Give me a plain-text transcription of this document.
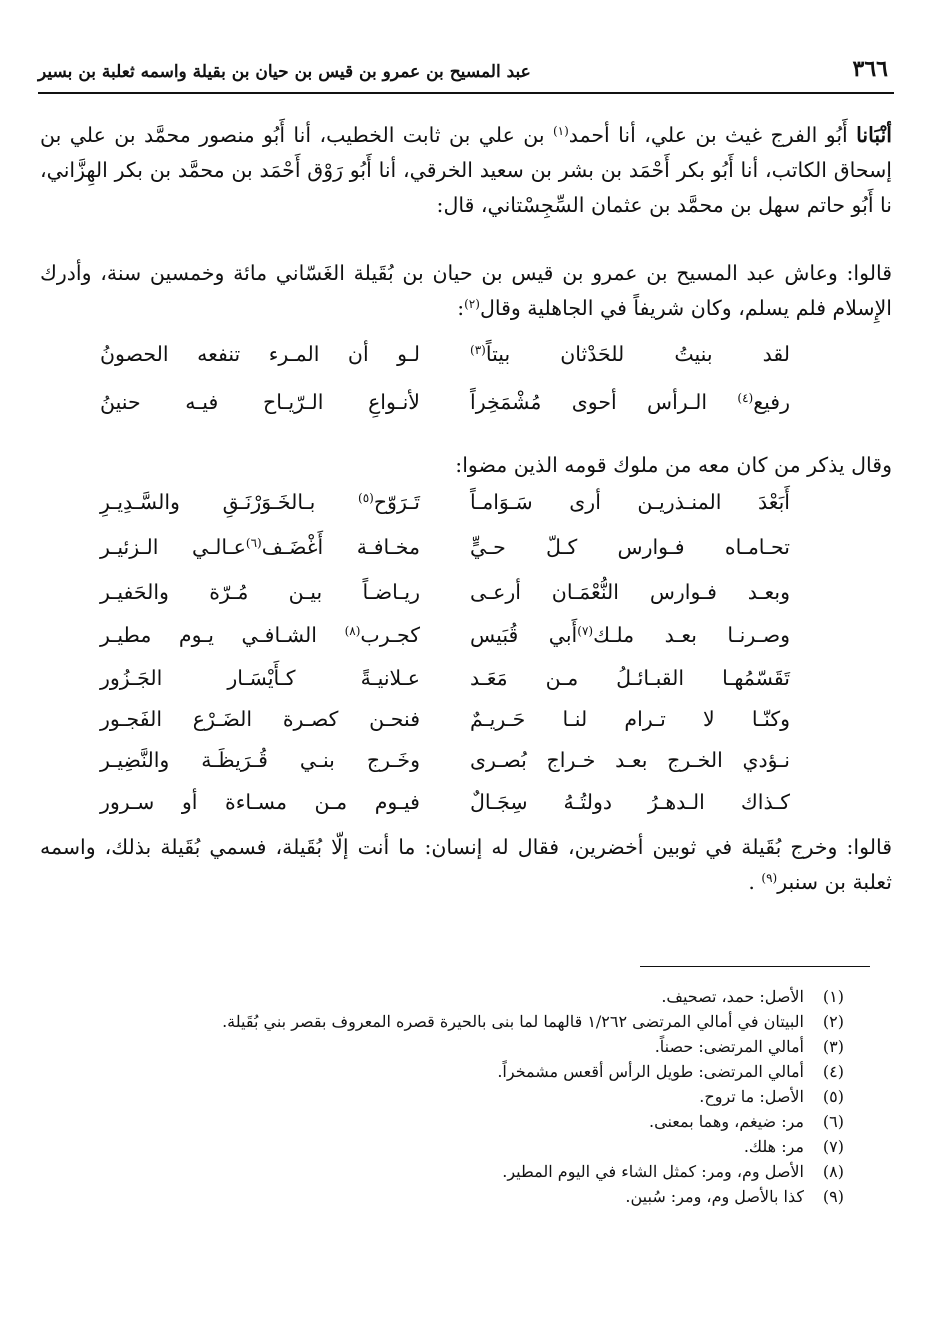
٣٦٦
عبد المسيح بن عمرو بن قيس بن حيان بن بقيلة واسمه ثعلبة بن بسير
أنْبَانا أَبُو الفرج غيث بن علي، أنا أحمد$^{(١)}$ بن علي بن ثابت الخطيب، أنا أَبُو منصور محمَّد بن علي بن إسحاق الكاتب، أنا أَبُو بكر أَحْمَد بن بشر بن سعيد الخرقي، أنا أَبُو رَوْق أَحْمَد بن محمَّد بن بكر الهِزَّاني، نا أَبُو حاتم سهل بن محمَّد بن عثمان السِّجِسْتاني، قال:
قالوا: وعاش عبد المسيح بن عمرو بن قيس بن حيان بن بُقَيلة الغَسّاني مائة وخمسين سنة، وأدرك الإِسلام فلم يسلم، وكان شريفاً في الجاهلية وقال$^{(٢)}$:
لقد بنيتُ للحَدْثان بيتاً$^{(٣)}$
لـو أن المـرء تنفعه الحصونُ
رفيع$^{(٤)}$ الـرأس أحوى مُشْمَخِراً
لأنـواعِ الـرّيـاح فيـه حنينُ
وقال يذكر من كان معه من ملوك قومه الذين مضوا:
أَبَعْدَ المنـذريـن أرى سَـوَامـاً
تَـرَوّح$^{(٥)}$ بـالخَـوَرْنَـقِ والسَّـدِيـرِ
تحـامـاه فـوارس كـلّ حـيٍّ
مخـافـة أَغْضَـف$^{(٦)}$عـالـي الـزئيـر
وبعـد فـوارس النُّعْمَـان أرعـى
ريـاضـاً بيـن مُـرّة والحَفيـر
وصـرنـا بعـد ملـك$^{(٧)}$أَبي قُبَيس
كجـرب$^{(٨)}$ الشـافـي يـوم مطيـر
تَقَسّمُهـا القبـائـلُ مـن مَعَـد
عـلانيـةً كـأَيْسَـار الجَـزُور
وكنّـا لا تـرام لنـا حَـريـمٌ
فنحـن كصـرة الضَـرْع الفَجـور
نـؤدي الخـرج بعـد خـراج بُصـرى
وخَـرج بنـي قُـرَيظَـة والنَّضِيـر
كـذاك الـدهـرُ دولتُـهُ سِجَـالٌ
فيـوم مـن مسـاءة أو سـرور
قالوا: وخرج بُقَيلة في ثوبين أخضرين، فقال له إنسان: ما أنت إلّا بُقَيلة، فسمي بُقَيلة بذلك، واسمه ثعلبة بن سنبر$^{(٩)}$ .
(١)الأصل: حمد، تصحيف.
(٢)البيتان في أمالي المرتضى ١/٢٦٢ قالهما لما بنى بالحيرة قصره المعروف بقصر بني بُقَيلة.
(٣)أمالي المرتضى: حصناً.
(٤)أمالي المرتضى: طويل الرأس أقعس مشمخراً.
(٥)الأصل: ما تروح.
(٦)مر: ضيغم، وهما بمعنى.
(٧)مر: هلك.
(٨)الأصل وم، ومر: كمثل الشاء في اليوم المطير.
(٩)كذا بالأصل وم، ومر: سُبين.
